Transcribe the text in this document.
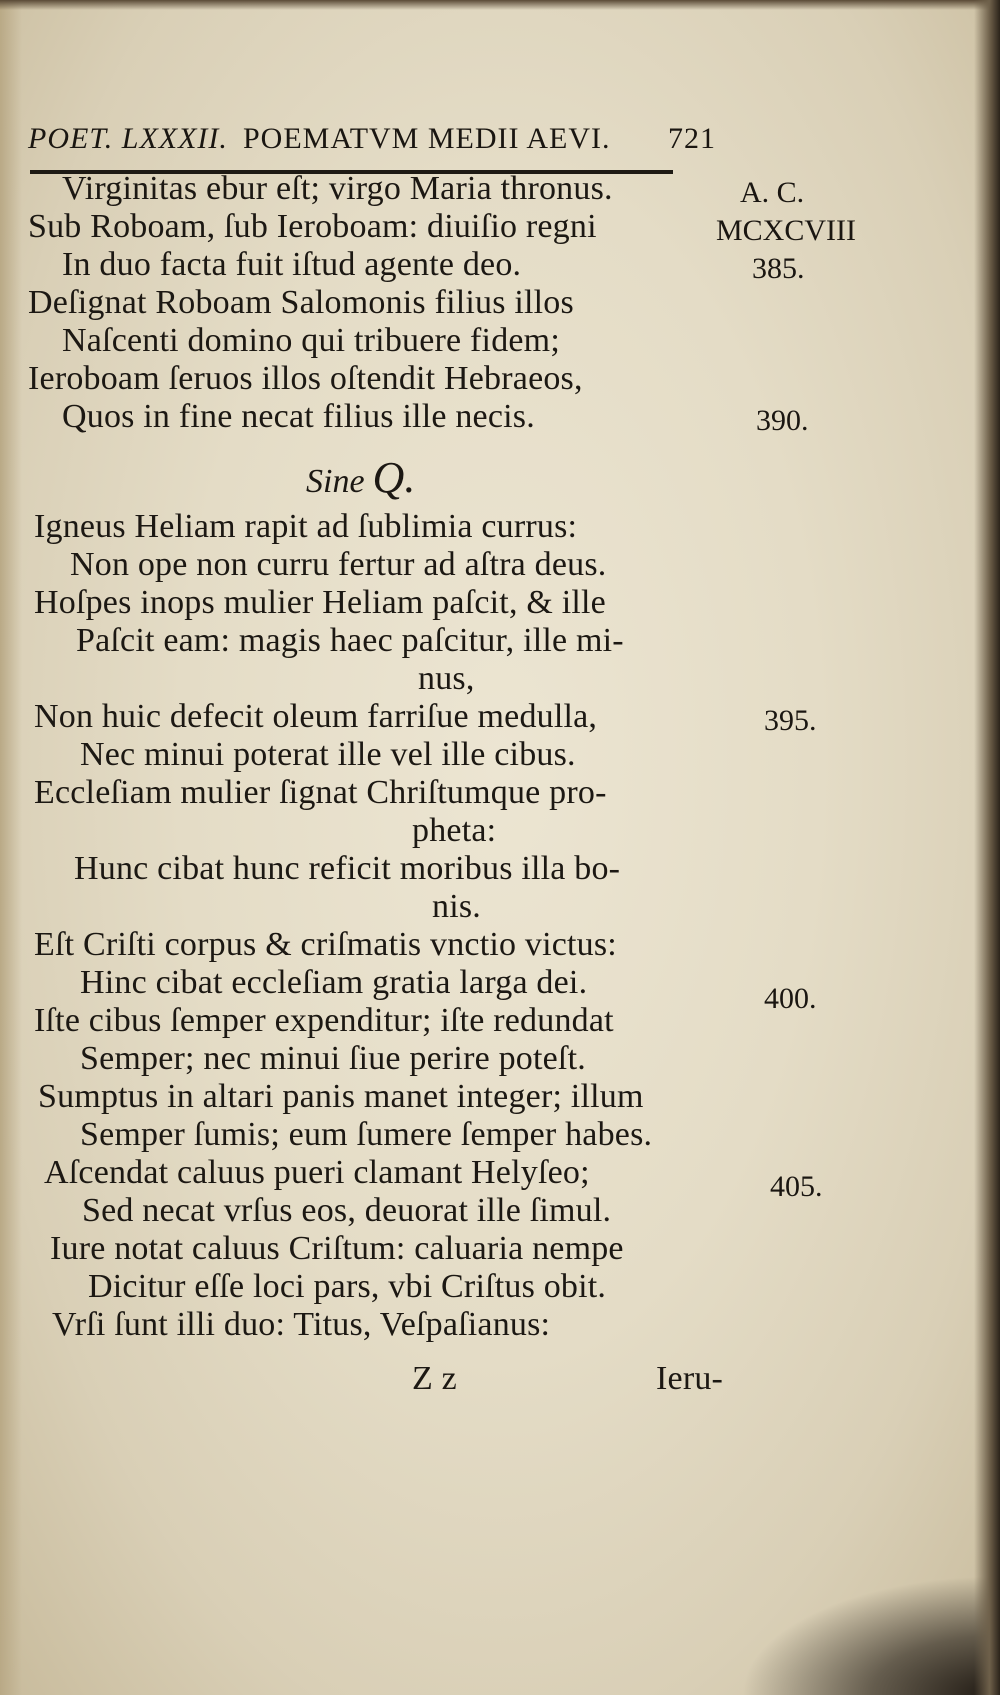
POET. LXXXII. POEMATVM MEDII AEVI. 721
Virginitas ebur eſt; virgo Maria thronus.
Sub Roboam, ſub Ieroboam: diuiſio regni
In duo facta fuit iſtud agente deo.
Deſignat Roboam Salomonis filius illos
Naſcenti domino qui tribuere fidem;
Ieroboam ſeruos illos oſtendit Hebraeos,
Quos in fine necat filius ille necis.
Sine Q.
Igneus Heliam rapit ad ſublimia currus:
Non ope non curru fertur ad aſtra deus.
Hoſpes inops mulier Heliam paſcit, & ille
Paſcit eam: magis haec paſcitur, ille mi-
nus,
Non huic defecit oleum farriſue medulla,
Nec minui poterat ille vel ille cibus.
Eccleſiam mulier ſignat Chriſtumque pro-
pheta:
Hunc cibat hunc reficit moribus illa bo-
nis.
Eſt Criſti corpus & criſmatis vnctio victus:
Hinc cibat eccleſiam gratia larga dei.
Iſte cibus ſemper expenditur; iſte redundat
Semper; nec minui ſiue perire poteſt.
Sumptus in altari panis manet integer; illum
Semper ſumis; eum ſumere ſemper habes.
Aſcendat caluus pueri clamant Helyſeo;
Sed necat vrſus eos, deuorat ille ſimul.
Iure notat caluus Criſtum: caluaria nempe
Dicitur eſſe loci pars, vbi Criſtus obit.
Vrſi ſunt illi duo: Titus, Veſpaſianus:
A. C.
MCXCVIII
385.
390.
395.
400.
405.
Z z	Ieru-
